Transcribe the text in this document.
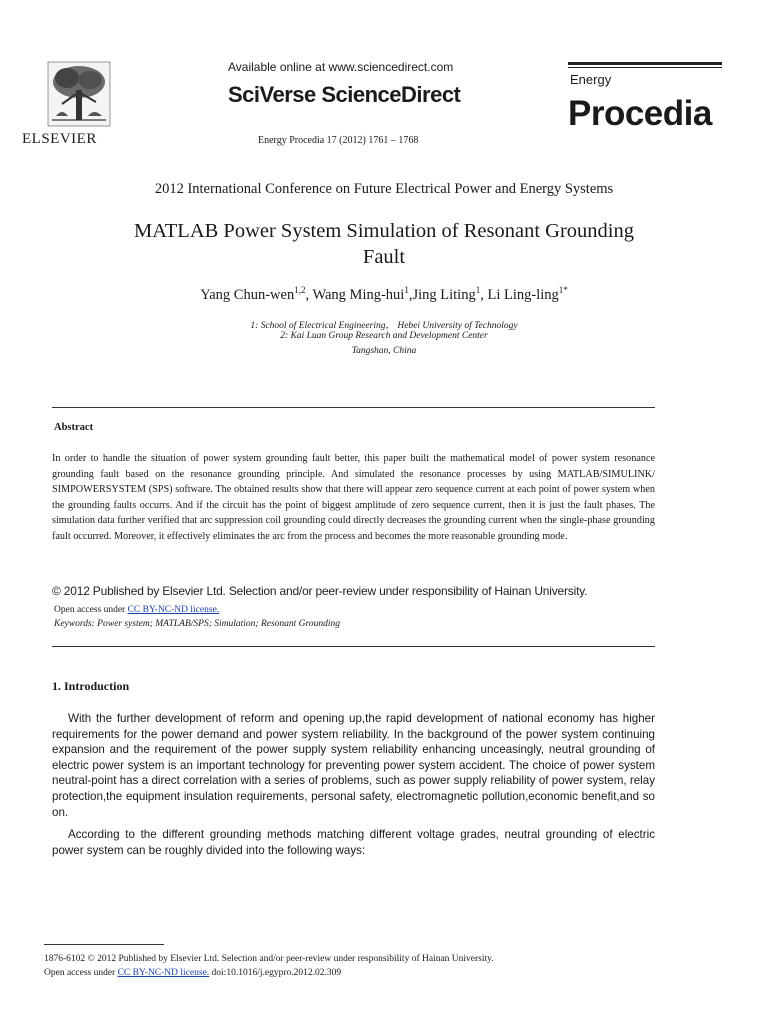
ELSEVIER
Available online at www.sciencedirect.com
SciVerse ScienceDirect
Energy Procedia 17 (2012) 1761 – 1768
Energy
Procedia
2012 International Conference on Future Electrical Power and Energy Systems
MATLAB Power System Simulation of Resonant Grounding
Fault
Yang Chun-wen$^{1,2}$, Wang Ming-hui$^1$,Jing Liting$^1$, Li Ling-ling$^{1*}$
1: School of Electrical Engineering， Hebei University of Technology
2: Kai Luan Group Research and Development Center
Tangshan, China
Abstract
In order to handle the situation of power system grounding fault better, this paper built the mathematical model of power system resonance grounding fault based on the resonance grounding principle. And simulated the resonance processes by using MATLAB/SIMULINK/ SIMPOWERSYSTEM (SPS) software. The obtained results show that there will appear zero sequence current at each point of power system when the grounding faults occurrs. And if the circuit has the point of biggest amplitude of zero sequence current, then it is just the fault phases. The simulation data further verified that arc suppression coil grounding could directly decreases the grounding current when the single-phase grounding fault occurred. Moreover, it effectively eliminates the arc from the process and becomes the more reasonable grounding mode.
© 2012 Published by Elsevier Ltd. Selection and/or peer-review under responsibility of Hainan University.
Open access under CC BY-NC-ND license.
Keywords: Power system; MATLAB/SPS; Simulation; Resonant Grounding
1. Introduction
With the further development of reform and opening up,the rapid development of national economy has higher requirements for the power demand and power system reliability. In the background of the power system continuing expansion and the requirement of the power supply system reliability enhancing unceasingly, neutral grounding of electric power system is an important technology for preventing power system accident. The choice of power system neutral-point has a direct correlation with a series of problems, such as power supply reliability of power system, relay protection,the equipment insulation requirements, personal safety, electromagnetic pollution,economic benefit,and so on.
According to the different grounding methods matching different voltage grades, neutral grounding of electric power system can be roughly divided into the following ways:
1876-6102 © 2012 Published by Elsevier Ltd. Selection and/or peer-review under responsibility of Hainan University.
Open access under CC BY-NC-ND license. doi:10.1016/j.egypro.2012.02.309
